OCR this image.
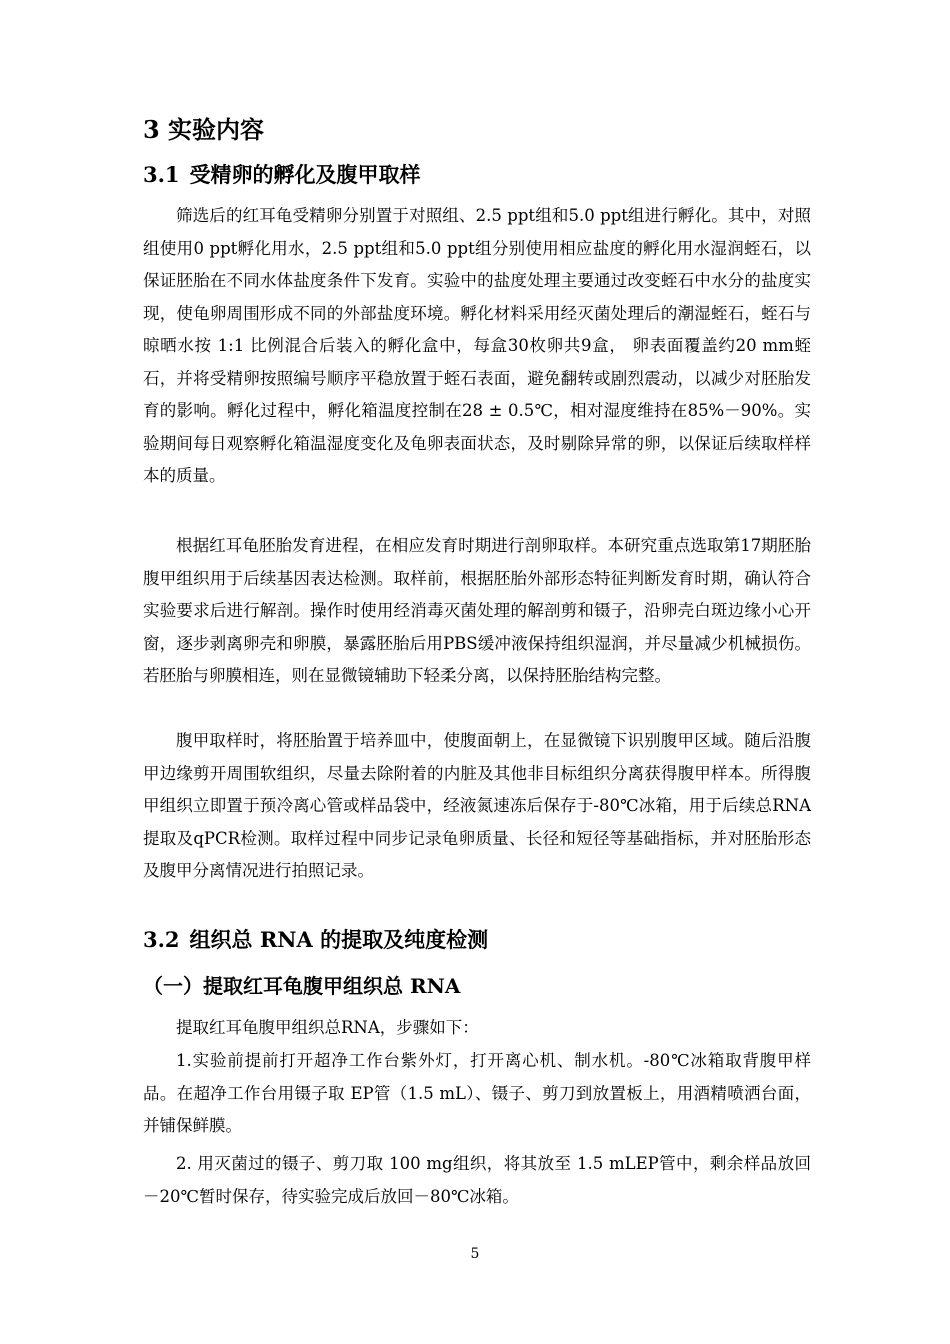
3 实验内容
3.1 受精卵的孵化及腹甲取样

筛选后的红耳龟受精卵分别置于对照组、2.5 ppt组和5.0 ppt组进行孵化。其中，对照组使用0 ppt孵化用水，2.5 ppt组和5.0 ppt组分别使用相应盐度的孵化用水湿润蛭石，以保证胚胎在不同水体盐度条件下发育。实验中的盐度处理主要通过改变蛭石中水分的盐度实现，使龟卵周围形成不同的外部盐度环境。孵化材料采用经灭菌处理后的潮湿蛭石，蛭石与晾晒水按 1:1 比例混合后装入的孵化盒中，每盒30枚卵共9盒， 卵表面覆盖约20 mm蛭石，并将受精卵按照编号顺序平稳放置于蛭石表面，避免翻转或剧烈震动，以减少对胚胎发育的影响。孵化过程中，孵化箱温度控制在28 ± 0.5℃，相对湿度维持在85%－90%。实验期间每日观察孵化箱温湿度变化及龟卵表面状态，及时剔除异常的卵，以保证后续取样样本的质量。

根据红耳龟胚胎发育进程，在相应发育时期进行剖卵取样。本研究重点选取第17期胚胎腹甲组织用于后续基因表达检测。取样前，根据胚胎外部形态特征判断发育时期，确认符合实验要求后进行解剖。操作时使用经消毒灭菌处理的解剖剪和镊子，沿卵壳白斑边缘小心开窗，逐步剥离卵壳和卵膜，暴露胚胎后用PBS缓冲液保持组织湿润，并尽量减少机械损伤。若胚胎与卵膜相连，则在显微镜辅助下轻柔分离，以保持胚胎结构完整。

腹甲取样时，将胚胎置于培养皿中，使腹面朝上，在显微镜下识别腹甲区域。随后沿腹甲边缘剪开周围软组织，尽量去除附着的内脏及其他非目标组织分离获得腹甲样本。所得腹甲组织立即置于预冷离心管或样品袋中，经液氮速冻后保存于-80℃冰箱，用于后续总RNA提取及qPCR检测。取样过程中同步记录龟卵质量、长径和短径等基础指标，并对胚胎形态及腹甲分离情况进行拍照记录。

3.2 组织总 RNA 的提取及纯度检测
（一）提取红耳龟腹甲组织总 RNA

提取红耳龟腹甲组织总RNA，步骤如下：

1.实验前提前打开超净工作台紫外灯，打开离心机、制水机。-80℃冰箱取背腹甲样品。在超净工作台用镊子取 EP管（1.5 mL）、镊子、剪刀到放置板上，用酒精喷洒台面，并铺保鲜膜。

2. 用灭菌过的镊子、剪刀取 100 mg组织，将其放至 1.5 mLEP管中，剩余样品放回－20℃暂时保存，待实验完成后放回－80℃冰箱。

5
